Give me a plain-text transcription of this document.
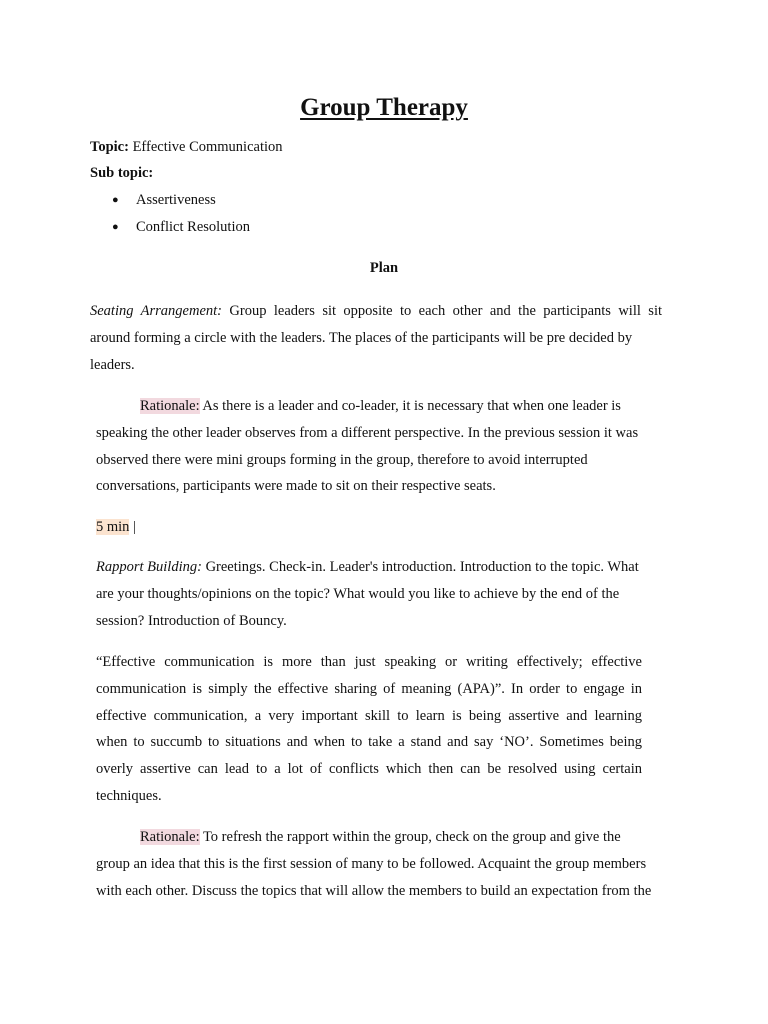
Group Therapy
Topic: Effective Communication
Sub topic:
● Assertiveness
● Conflict Resolution
Plan
Seating Arrangement: Group leaders sit opposite to each other and the participants will sit
around forming a circle with the leaders. The places of the participants will be pre decided by
leaders.
Rationale: As there is a leader and co-leader, it is necessary that when one leader is
speaking the other leader observes from a different perspective. In the previous session it was
observed there were mini groups forming in the group, therefore to avoid interrupted
conversations, participants were made to sit on their respective seats.
5 min |
Rapport Building: Greetings. Check-in. Leader's introduction. Introduction to the topic. What
are your thoughts/opinions on the topic? What would you like to achieve by the end of the
session? Introduction of Bouncy.
“Effective communication is more than just speaking or writing effectively; effective
communication is simply the effective sharing of meaning (APA)”. In order to engage in
effective communication, a very important skill to learn is being assertive and learning
when to succumb to situations and when to take a stand and say ‘NO’. Sometimes being
overly assertive can lead to a lot of conflicts which then can be resolved using certain
techniques.
Rationale: To refresh the rapport within the group, check on the group and give the
group an idea that this is the first session of many to be followed. Acquaint the group members
with each other. Discuss the topics that will allow the members to build an expectation from the
